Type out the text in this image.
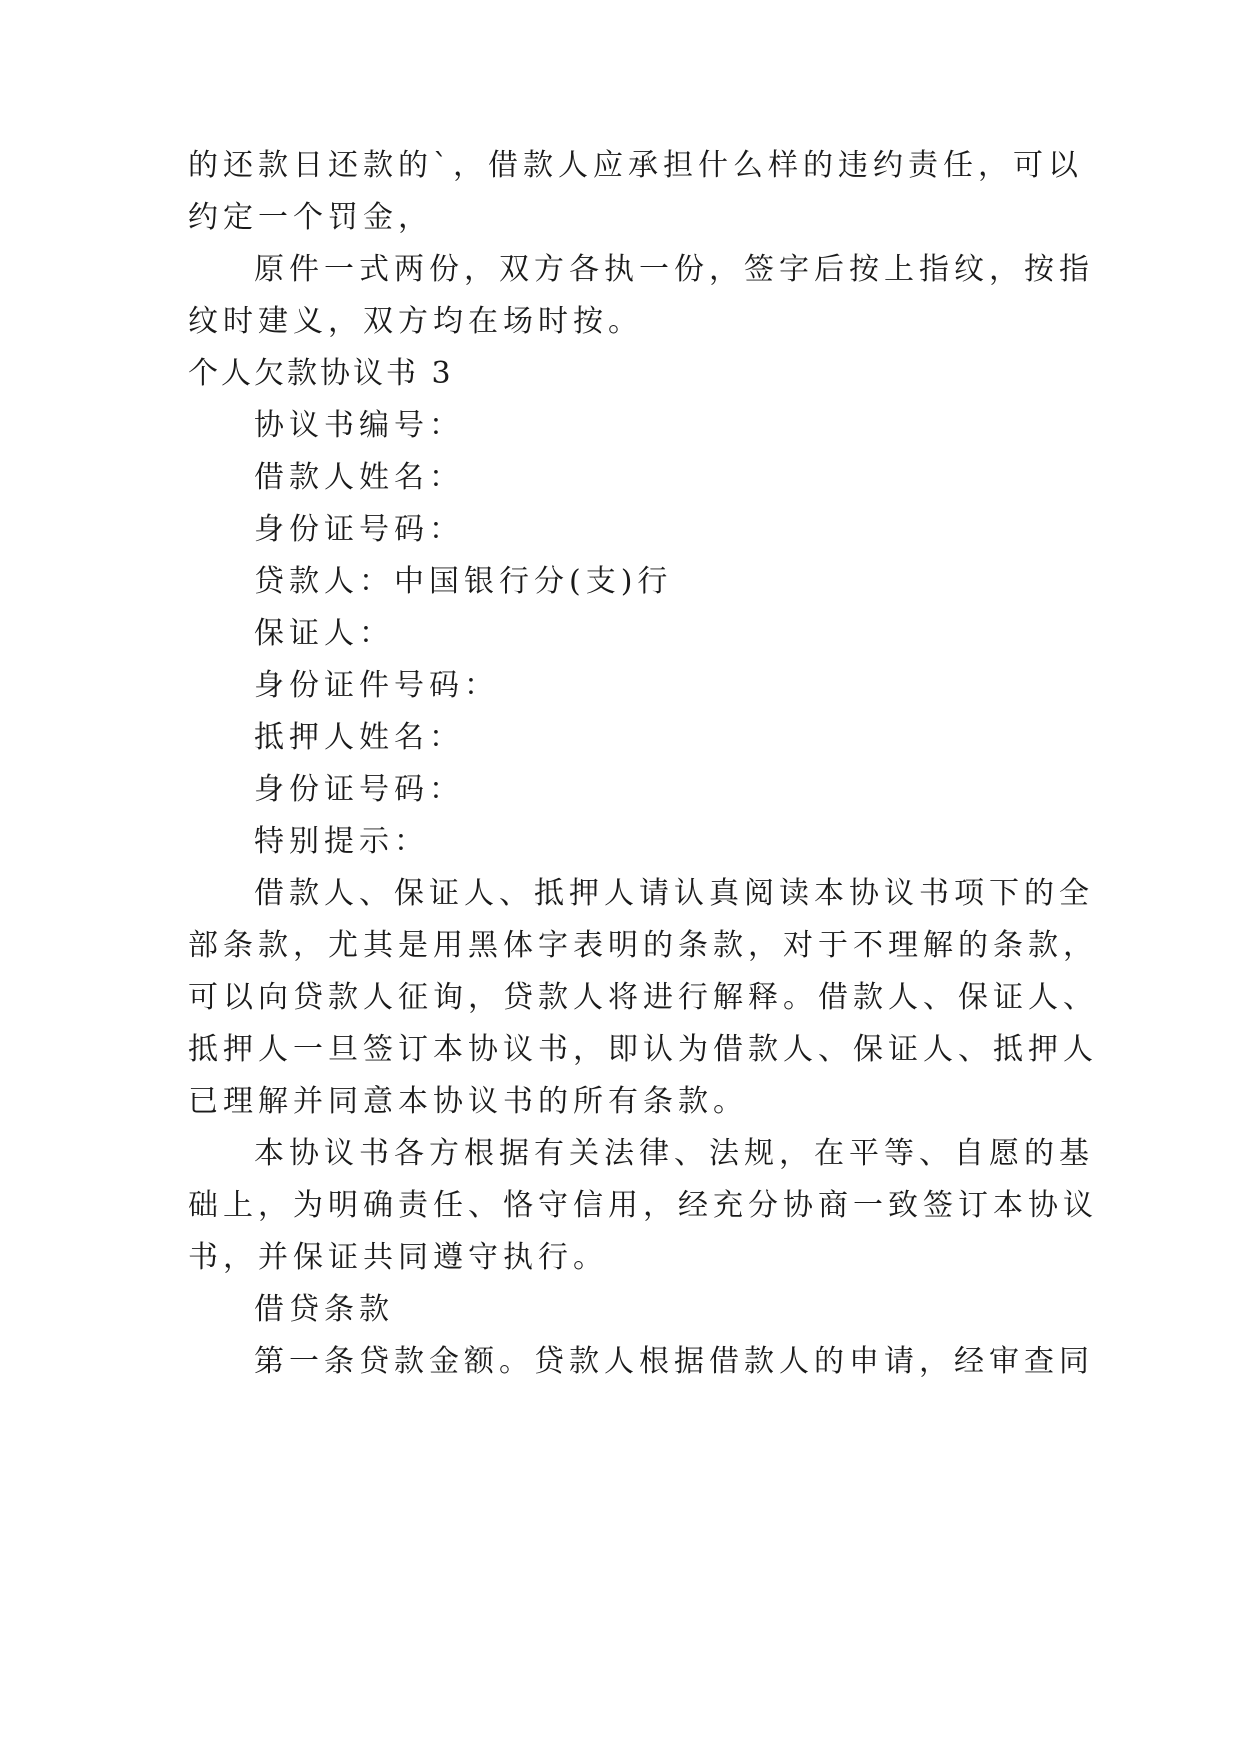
的还款日还款的`，借款人应承担什么样的违约责任，可以
约定一个罚金，
原件一式两份，双方各执一份，签字后按上指纹，按指
纹时建义，双方均在场时按。
个人欠款协议书 3
协议书编号：
借款人姓名：
身份证号码：
贷款人：中国银行分(支)行
保证人：
身份证件号码：
抵押人姓名：
身份证号码：
特别提示：
借款人、保证人、抵押人请认真阅读本协议书项下的全
部条款，尤其是用黑体字表明的条款，对于不理解的条款，
可以向贷款人征询，贷款人将进行解释。借款人、保证人、
抵押人一旦签订本协议书，即认为借款人、保证人、抵押人
已理解并同意本协议书的所有条款。
本协议书各方根据有关法律、法规，在平等、自愿的基
础上，为明确责任、恪守信用，经充分协商一致签订本协议
书，并保证共同遵守执行。
借贷条款
第一条贷款金额。贷款人根据借款人的申请，经审查同
